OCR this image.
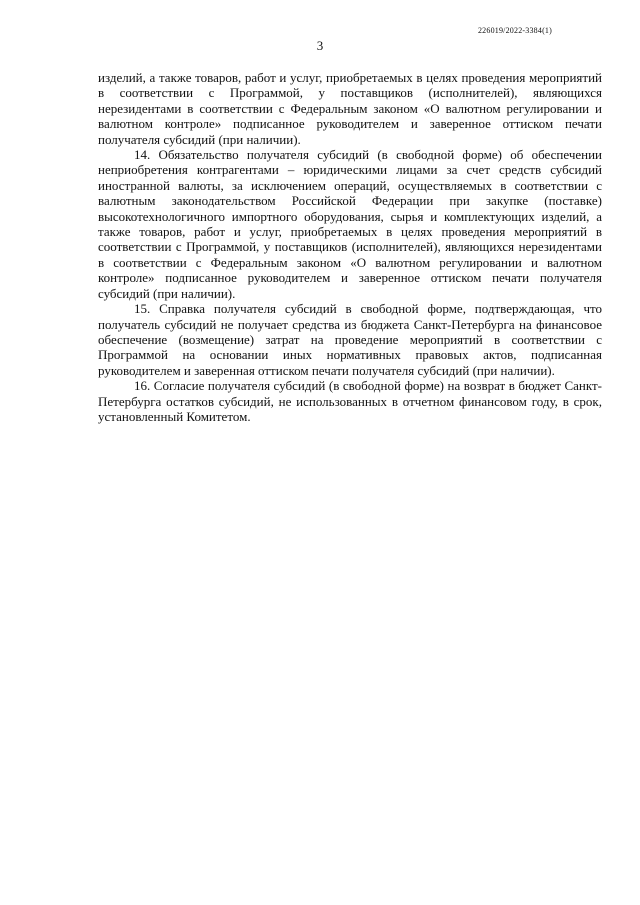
226019/2022-3384(1)
3

изделий, а также товаров, работ и услуг, приобретаемых в целях проведения мероприятий в соответствии с Программой, у поставщиков (исполнителей), являющихся нерезидентами в соответствии с Федеральным законом «О валютном регулировании и валютном контроле» подписанное руководителем и заверенное оттиском печати получателя субсидий (при наличии).

14. Обязательство получателя субсидий (в свободной форме) об обеспечении неприобретения контрагентами – юридическими лицами за счет средств субсидий иностранной валюты, за исключением операций, осуществляемых в соответствии с валютным законодательством Российской Федерации при закупке (поставке) высокотехнологичного импортного оборудования, сырья и комплектующих изделий, а также товаров, работ и услуг, приобретаемых в целях проведения мероприятий в соответствии с Программой, у поставщиков (исполнителей), являющихся нерезидентами в соответствии с Федеральным законом «О валютном регулировании и валютном контроле» подписанное руководителем и заверенное оттиском печати получателя субсидий (при наличии).

15. Справка получателя субсидий в свободной форме, подтверждающая, что получатель субсидий не получает средства из бюджета Санкт-Петербурга на финансовое обеспечение (возмещение) затрат на проведение мероприятий в соответствии с Программой на основании иных нормативных правовых актов, подписанная руководителем и заверенная оттиском печати получателя субсидий (при наличии).

16. Согласие получателя субсидий (в свободной форме) на возврат в бюджет Санкт-Петербурга остатков субсидий, не использованных в отчетном финансовом году, в срок, установленный Комитетом.
